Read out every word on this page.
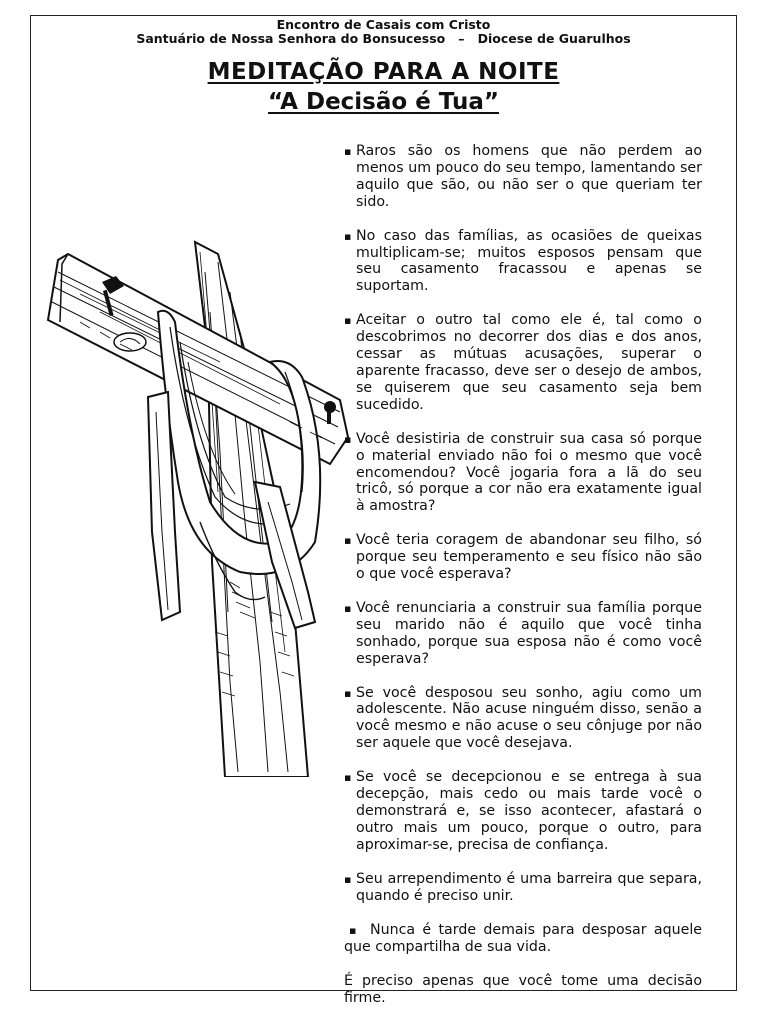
Encontro de Casais com Cristo
Santuário de Nossa Senhora do Bonsucesso   –   Diocese de Guarulhos
MEDITAÇÃO PARA A NOITE
“A Decisão é Tua”
▪ Raros são os homens que não perdem ao menos um pouco do seu tempo, lamentando ser aquilo que são, ou não ser o que queriam ter sido.

▪ No caso das famílias, as ocasiões de queixas multiplicam-se; muitos esposos pensam que seu casamento fracassou e apenas se suportam.

▪ Aceitar o outro tal como ele é, tal como o descobrimos no decorrer dos dias e dos anos, cessar as mútuas acusações, superar o aparente fracasso, deve ser o desejo de ambos, se quiserem que seu casamento seja bem sucedido.

▪ Você desistiria de construir sua casa só porque o material enviado não foi o mesmo que você encomendou? Você jogaria fora a lã do seu tricô, só porque a cor não era exatamente igual à amostra?

▪ Você teria coragem de abandonar seu filho, só porque seu temperamento e seu físico não são o que você esperava?

▪ Você renunciaria a construir sua família porque seu marido não é aquilo que você tinha sonhado, porque sua esposa não é como você esperava?

▪ Se você desposou seu sonho, agiu como um adolescente. Não acuse ninguém disso, senão a você mesmo e não acuse o seu cônjuge por não ser aquele que você desejava.

▪ Se você se decepcionou e se entrega à sua decepção, mais cedo ou mais tarde você o demonstrará e, se isso acontecer, afastará o outro mais um pouco, porque o outro, para aproximar-se, precisa de confiança.

▪ Seu arrependimento é uma barreira que separa, quando é preciso unir.

▪ Nunca é tarde demais para desposar aquele que compartilha de sua vida.

É preciso apenas que você tome uma decisão firme.
